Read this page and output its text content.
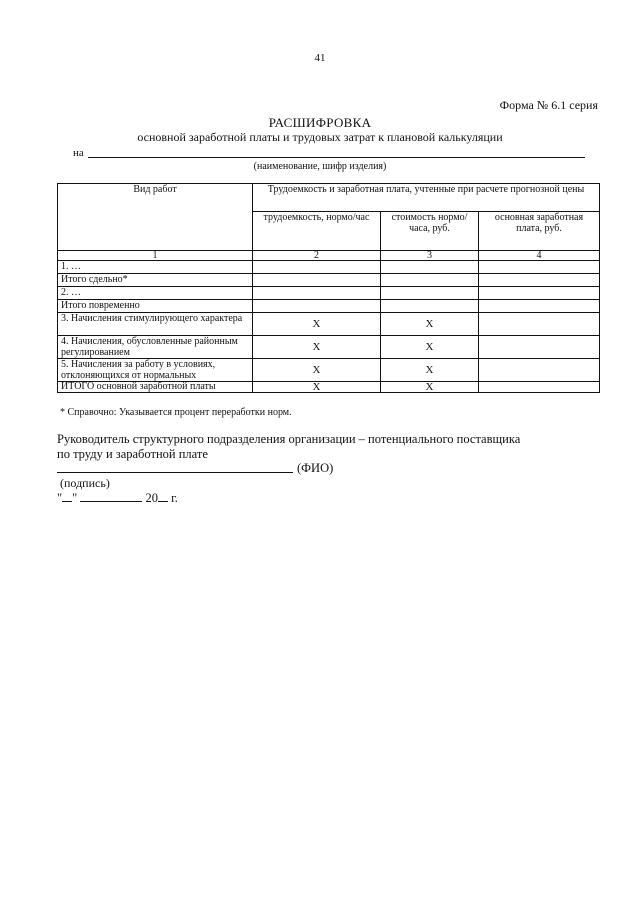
41
Форма № 6.1 серия
РАСШИФРОВКА
основной заработной платы и трудовых затрат к плановой калькуляции
на
(наименование, шифр изделия)
Вид работ	Трудоемкость и заработная плата, учтенные при расчете прогнозной цены		
	трудоемкость, нормо/час	стоимость нормо/часа, руб.	основная заработная плата, руб.
1	2	3	4
1. …			
Итого сдельно*			
2. …			
Итого повременно			
3. Начисления стимулирующего характера	Х	Х	
4. Начисления, обусловленные районным регулированием	Х	Х	
5. Начисления за работу в условиях, отклоняющихся от нормальных	Х	Х	
ИТОГО основной заработной платы	Х	Х	
* Справочно: Указывается процент переработки норм.
Руководитель структурного подразделения организации – потенциального поставщика
по труду и заработной плате
(ФИО)
(подпись)
" "	20 г.
